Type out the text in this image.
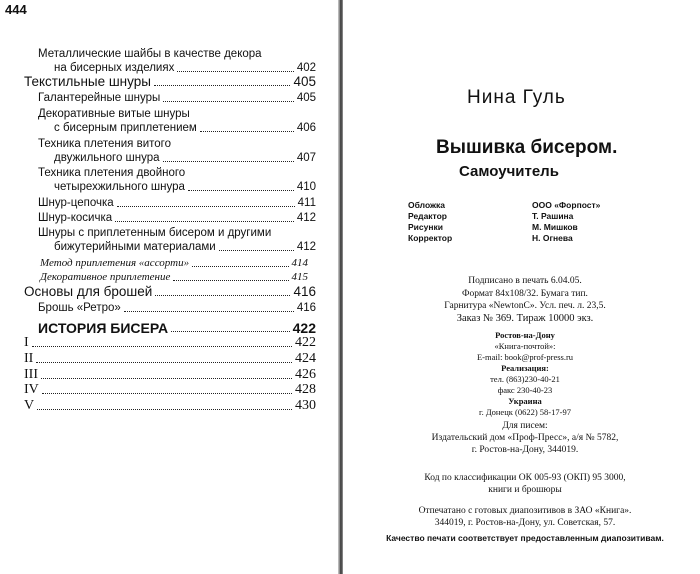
444
Металлические шайбы в качестве декора
на бисерных изделиях	402
Текстильные шнуры	405
Галантерейные шнуры	405
Декоративные витые шнуры
с бисерным приплетением	406
Техника плетения витого
двужильного шнура	407
Техника плетения двойного
четырехжильного шнура	410
Шнур-цепочка	411
Шнур-косичка	412
Шнуры с приплетенным бисером и другими
бижутерийными материалами	412
Метод приплетения «ассорти»	414
Декоративное приплетение	415
Основы для брошей	416
Брошь «Ретро»	416
ИСТОРИЯ БИСЕРА	422
I	422
II	424
III	426
IV	428
V	430
Нина Гуль
Вышивка бисером.
Самоучитель
Обложка	ООО «Форпост»
Редактор	Т. Рашина
Рисунки	М. Мишков
Корректор	Н. Огнева
Подписано в печать 6.04.05.
Формат 84х108/32. Бумага тип.
Гарнитура «NewtonC». Усл. печ. л. 23,5.
Заказ № 369. Тираж 10000 экз.
Ростов-на-Дону
«Книга-почтой»:
E-mail: book@prof-press.ru
Реализация:
тел. (863)230-40-21
факс 230-40-23
Украина
г. Донецк (0622) 58-17-97
Для писем:
Издательский дом «Проф-Пресс», а/я № 5782,
г. Ростов-на-Дону, 344019.
Код по классификации ОК 005-93 (ОКП) 95 3000,
книги и брошюры
Отпечатано с готовых диапозитивов в ЗАО «Книга».
344019, г. Ростов-на-Дону, ул. Советская, 57.
Качество печати соответствует предоставленным диапозитивам.
